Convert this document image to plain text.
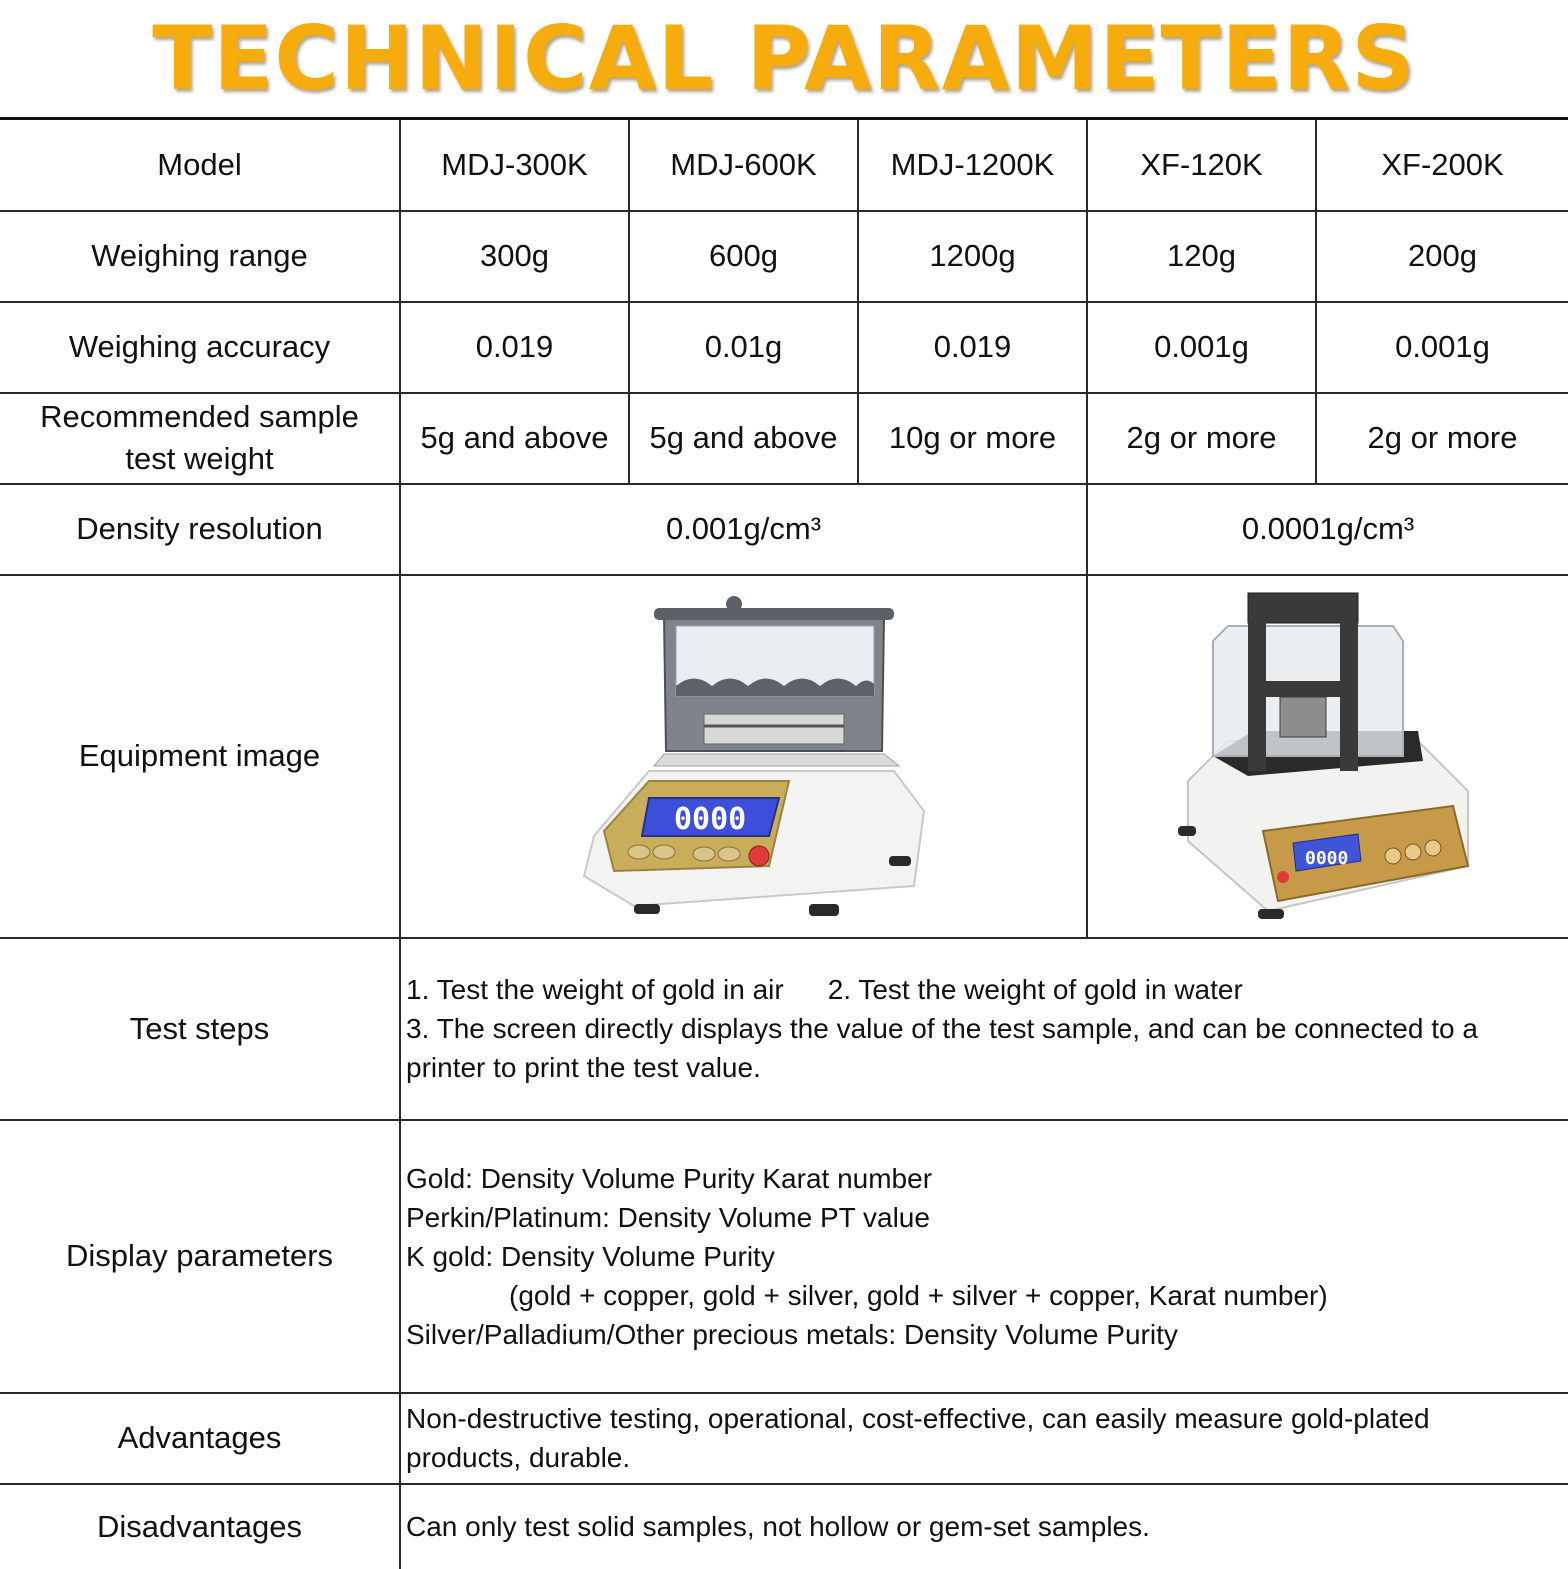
TECHNICAL PARAMETERS
Model	MDJ-300K	MDJ-600K	MDJ-1200K	XF-120K	XF-200K
Weighing range	300g	600g	1200g	120g	200g
Weighing accuracy	0.019	0.01g	0.019	0.001g	0.001g

Recommended sample
test weight	5g and above	5g and above	10g or more	2g or more	2g or more
Density resolution	0.001g/cm³			0.0001g/cm³	
Equipment image	0000			0000	

Test steps	1. Test the weight of gold in air 2. Test the weight of gold in water
3. The screen directly displays the value of the test sample, and can be connected to a
printer to print the test value.				

Display parameters	Gold: Density Volume Purity Karat number
Perkin/Platinum: Density Volume PT value
K gold: Density Volume Purity
(gold + copper, gold + silver, gold + silver + copper, Karat number)
Silver/Palladium/Other precious metals: Density Volume Purity				

Advantages	Non-destructive testing, operational, cost-effective, can easily measure gold-plated
products, durable.				

Disadvantages	Can only test solid samples, not hollow or gem-set samples.				
